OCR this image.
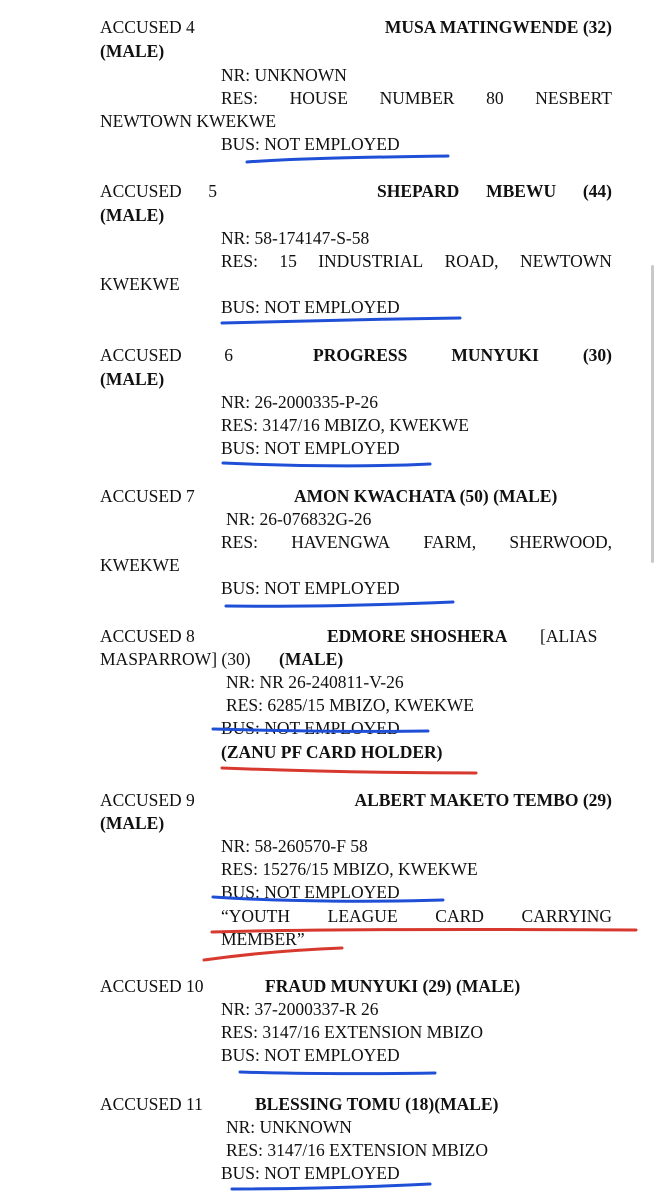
ACCUSED 4	MUSA MATINGWENDE (32)

(MALE)

NR: UNKNOWN

RES: HOUSE NUMBER 80 NESBERT

NEWTOWN KWEKWE

BUS: NOT EMPLOYED

ACCUSED 5	SHEPARD MBEWU (44)

(MALE)

NR: 58-174147-S-58

RES: 15 INDUSTRIAL ROAD, NEWTOWN

KWEKWE

BUS: NOT EMPLOYED

ACCUSED 6	PROGRESS	MUNYUKI	(30)

(MALE)

NR: 26-2000335-P-26

RES: 3147/16 MBIZO, KWEKWE

BUS: NOT EMPLOYED

ACCUSED 7	AMON KWACHATA (50) (MALE)

NR: 26-076832G-26

RES: HAVENGWA FARM, SHERWOOD,

KWEKWE

BUS: NOT EMPLOYED

ACCUSED 8	EDMORE SHOSHERA [ALIAS

MASPARROW] (30) (MALE)

NR: NR 26-240811-V-26

RES: 6285/15 MBIZO, KWEKWE

BUS: NOT EMPLOYED

(ZANU PF CARD HOLDER)

ACCUSED 9	ALBERT MAKETO TEMBO (29)

(MALE)

NR: 58-260570-F 58

RES: 15276/15 MBIZO, KWEKWE

BUS: NOT EMPLOYED

“YOUTH LEAGUE CARD CARRYING

MEMBER”

ACCUSED 10	FRAUD MUNYUKI (29) (MALE)

NR: 37-2000337-R 26

RES: 3147/16 EXTENSION MBIZO

BUS: NOT EMPLOYED

ACCUSED 11	BLESSING TOMU (18)(MALE)

NR: UNKNOWN

RES: 3147/16 EXTENSION MBIZO

BUS: NOT EMPLOYED
